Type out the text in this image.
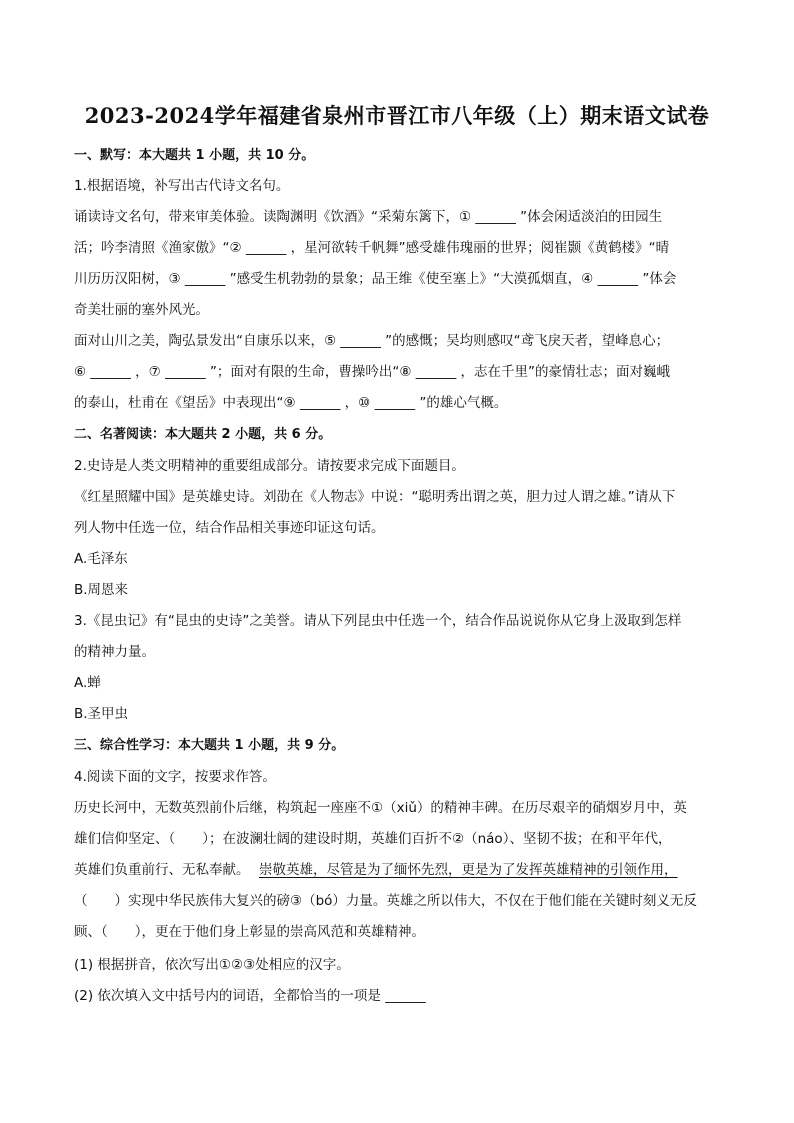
2023-2024学年福建省泉州市晋江市八年级（上）期末语文试卷
一、默写：本大题共 1 小题，共 10 分。
1.根据语境，补写出古代诗文名句。
诵读诗文名句，带来审美体验。读陶渊明《饮酒》“采菊东篱下，① ______ ”体会闲适淡泊的田园生
活；吟李清照《渔家傲》“② ______ ，星河欲转千帆舞”感受雄伟瑰丽的世界；阅崔颢《黄鹤楼》“晴
川历历汉阳树，③ ______ ”感受生机勃勃的景象；品王维《使至塞上》“大漠孤烟直，④ ______ ”体会
奇美壮丽的塞外风光。
面对山川之美，陶弘景发出“自康乐以来，⑤ ______ ”的感慨；吴均则感叹“鸢飞戾天者，望峰息心；
⑥ ______ ，⑦ ______ ”；面对有限的生命，曹操吟出“⑧ ______ ，志在千里”的豪情壮志；面对巍峨
的泰山，杜甫在《望岳》中表现出“⑨ ______ ，⑩ ______ ”的雄心气概。
二、名著阅读：本大题共 2 小题，共 6 分。
2.史诗是人类文明精神的重要组成部分。请按要求完成下面题目。
《红星照耀中国》是英雄史诗。刘劭在《人物志》中说：“聪明秀出谓之英，胆力过人谓之雄。”请从下
列人物中任选一位，结合作品相关事迹印证这句话。
A.毛泽东
B.周恩来
3.《昆虫记》有“昆虫的史诗”之美誉。请从下列昆虫中任选一个，结合作品说说你从它身上汲取到怎样
的精神力量。
A.蝉
B.圣甲虫
三、综合性学习：本大题共 1 小题，共 9 分。
4.阅读下面的文字，按要求作答。
历史长河中，无数英烈前仆后继，构筑起一座座不①（xiǔ）的精神丰碑。在历尽艰辛的硝烟岁月中，英
雄们信仰坚定、（　　）；在波澜壮阔的建设时期，英雄们百折不②（náo）、坚韧不拔；在和平年代，
英雄们负重前行、无私奉献。 崇敬英雄，尽管是为了缅怀先烈，更是为了发挥英雄精神的引领作用，
（　　）实现中华民族伟大复兴的磅③（bó）力量。英雄之所以伟大，不仅在于他们能在关键时刻义无反
顾、（　　），更在于他们身上彰显的崇高风范和英雄精神。
(1) 根据拼音，依次写出①②③处相应的汉字。
(2) 依次填入文中括号内的词语，全都恰当的一项是 ______
